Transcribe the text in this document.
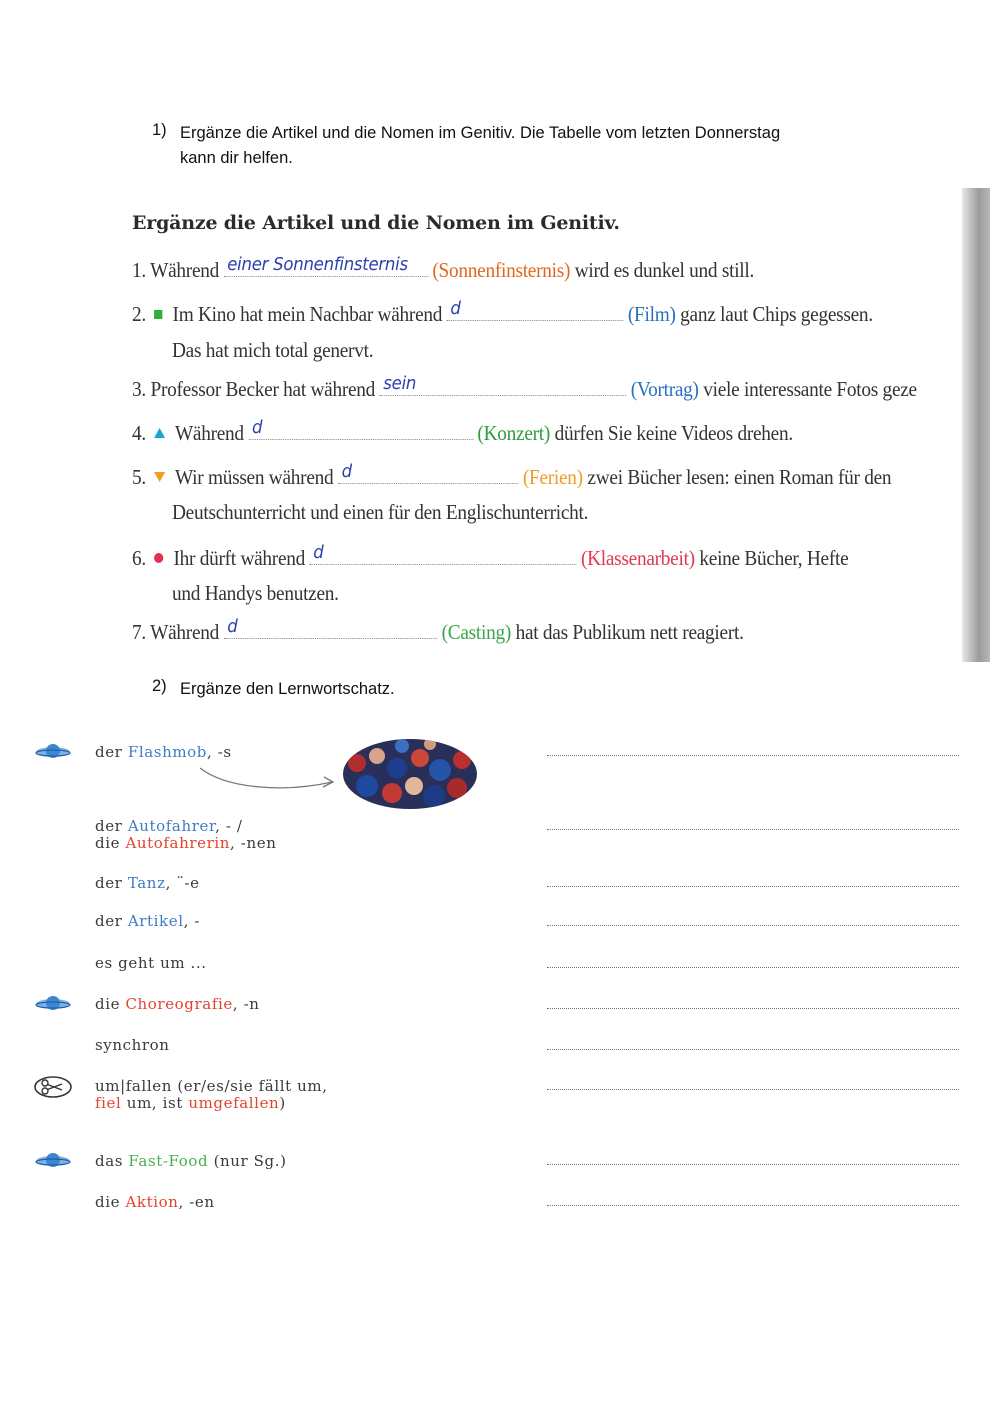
1) Ergänze die Artikel und die Nomen im Genitiv. Die Tabelle vom letzten Donnerstag
kann dir helfen.
Ergänze die Artikel und die Nomen im Genitiv.
1. Während einer Sonnenfinsternis (Sonnenfinsternis) wird es dunkel und still.
2. Im Kino hat mein Nachbar während d	(Film) ganz laut Chips gegessen.
Das hat mich total genervt.
3. Professor Becker hat während sein	(Vortrag) viele interessante Fotos geze
4. Während d	(Konzert) dürfen Sie keine Videos drehen.
5. Wir müssen während d	(Ferien) zwei Bücher lesen: einen Roman für den
Deutschunterricht und einen für den Englischunterricht.
6. Ihr dürft während d	(Klassenarbeit) keine Bücher, Hefte
und Handys benutzen.
7. Während d	(Casting) hat das Publikum nett reagiert.
2) Ergänze den Lernwortschatz.
der Flashmob, -s
der Autofahrer, - /
die Autofahrerin, -nen
der Tanz, ¨-e
der Artikel, -
es geht um ...
die Choreografie, -n
synchron
um|fallen (er/es/sie fällt um,
fiel um, ist umgefallen)
das Fast-Food (nur Sg.)
die Aktion, -en
